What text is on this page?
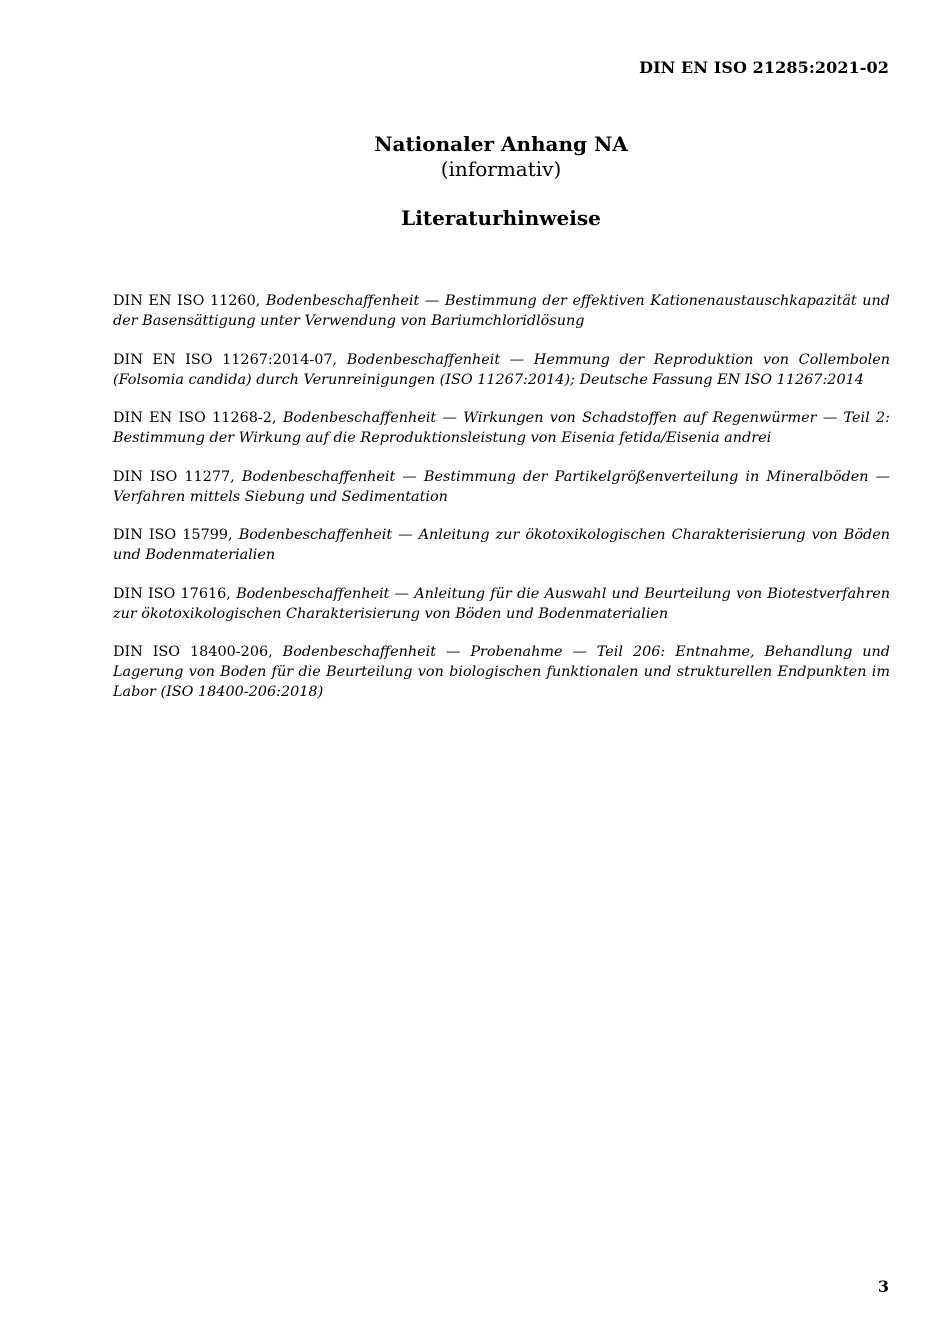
DIN EN ISO 21285:2021-02
Nationaler Anhang NA
(informativ)
Literaturhinweise

DIN EN ISO 11260, Bodenbeschaffenheit — Bestimmung der effektiven Kationenaustauschkapazität und der Basensättigung unter Verwendung von Bariumchloridlösung

DIN EN ISO 11267:2014-07, Bodenbeschaffenheit — Hemmung der Reproduktion von Collembolen (Folsomia candida) durch Verunreinigungen (ISO 11267:2014); Deutsche Fassung EN ISO 11267:2014

DIN EN ISO 11268-2, Bodenbeschaffenheit — Wirkungen von Schadstoffen auf Regenwürmer — Teil 2: Bestimmung der Wirkung auf die Reproduktionsleistung von Eisenia fetida/Eisenia andrei

DIN ISO 11277, Bodenbeschaffenheit — Bestimmung der Partikelgrößenverteilung in Mineralböden — Verfahren mittels Siebung und Sedimentation

DIN ISO 15799, Bodenbeschaffenheit — Anleitung zur ökotoxikologischen Charakterisierung von Böden und Bodenmaterialien

DIN ISO 17616, Bodenbeschaffenheit — Anleitung für die Auswahl und Beurteilung von Biotestverfahren zur ökotoxikologischen Charakterisierung von Böden und Bodenmaterialien

DIN ISO 18400-206, Bodenbeschaffenheit — Probenahme — Teil 206: Entnahme, Behandlung und Lagerung von Boden für die Beurteilung von biologischen funktionalen und strukturellen Endpunkten im Labor (ISO 18400-206:2018)

3
